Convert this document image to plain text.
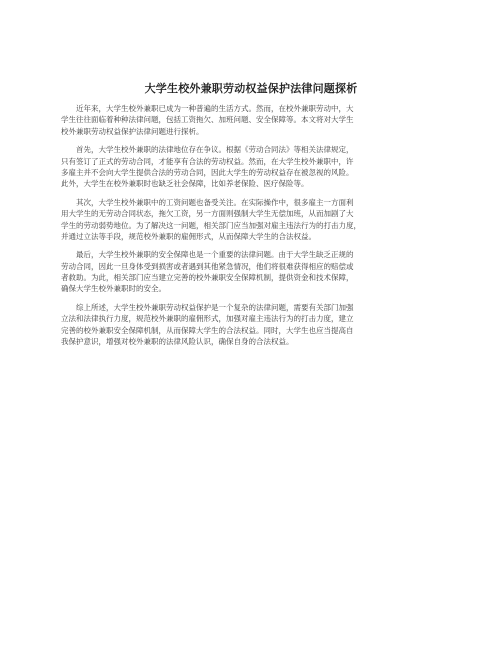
大学生校外兼职劳动权益保护法律问题探析
近年来，大学生校外兼职已成为一种普遍的生活方式。然而，在校外兼职劳动中，大
学生往往面临着种种法律问题，包括工资拖欠、加班问题、安全保障等。本文将对大学生
校外兼职劳动权益保护法律问题进行探析。
首先，大学生校外兼职的法律地位存在争议。根据《劳动合同法》等相关法律规定，
只有签订了正式的劳动合同，才能享有合法的劳动权益。然而，在大学生校外兼职中，许
多雇主并不会向大学生提供合法的劳动合同，因此大学生的劳动权益存在被忽视的风险。
此外，大学生在校外兼职时也缺乏社会保障，比如养老保险、医疗保险等。
其次，大学生校外兼职中的工资问题也备受关注。在实际操作中，很多雇主一方面利
用大学生的无劳动合同状态，拖欠工资，另一方面则强制大学生无偿加班，从而加剧了大
学生的劳动弱势地位。为了解决这一问题，相关部门应当加强对雇主违法行为的打击力度，
并通过立法等手段，规范校外兼职的雇佣形式，从而保障大学生的合法权益。
最后，大学生校外兼职的安全保障也是一个重要的法律问题。由于大学生缺乏正规的
劳动合同，因此一旦身体受到损害或者遇到其他紧急情况，他们将很难获得相应的赔偿或
者救助。为此，相关部门应当建立完善的校外兼职安全保障机制，提供资金和技术保障，
确保大学生校外兼职时的安全。
综上所述，大学生校外兼职劳动权益保护是一个复杂的法律问题，需要有关部门加强
立法和法律执行力度，规范校外兼职的雇佣形式，加强对雇主违法行为的打击力度，建立
完善的校外兼职安全保障机制，从而保障大学生的合法权益。同时，大学生也应当提高自
我保护意识，增强对校外兼职的法律风险认识，确保自身的合法权益。
